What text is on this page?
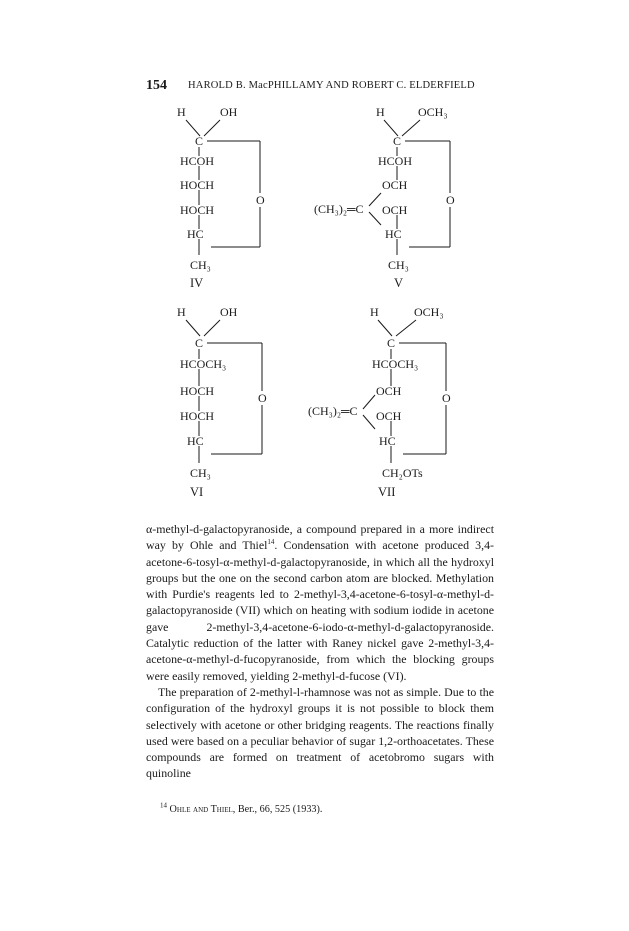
154 HAROLD B. MacPHILLAMY AND ROBERT C. ELDERFIELD
H	OH
C
HCOH
HOCH
HOCH
HC
O
CH₃
IV
H	OCH₃
C
HCOH
OCH
OCH
HC
O
(CH₃)₂═C
CH₃
V
H	OH
C
HCOCH₃
HOCH
HOCH
HC
O
CH₃
VI
H	OCH₃
C
HCOCH₃
OCH
OCH
HC
O
(CH₃)₂═C
CH₂OTs
VII

α-methyl-d-galactopyranoside, a compound prepared in a more indirect way by Ohle and Thiel$^{14}$. Condensation with acetone produced 3,4-acetone-6-tosyl-α-methyl-d-galactopyranoside, in which all the hydroxyl groups but the one on the second carbon atom are blocked. Methylation with Purdie's reagents led to 2-methyl-3,4-acetone-6-tosyl-α-methyl-d-galactopyranoside (VII) which on heating with sodium iodide in acetone gave 2-methyl-3,4-acetone-6-iodo-α-methyl-d-galactopyranoside. Catalytic reduction of the latter with Raney nickel gave 2-methyl-3,4-acetone-α-methyl-d-fucopyranoside, from which the blocking groups were easily removed, yielding 2-methyl-d-fucose (VI).

The preparation of 2-methyl-l-rhamnose was not as simple. Due to the configuration of the hydroxyl groups it is not possible to block them selectively with acetone or other bridging reagents. The reactions finally used were based on a peculiar behavior of sugar 1,2-orthoacetates. These compounds are formed on treatment of acetobromo sugars with quinoline

$^{14}$ Ohle and Thiel, Ber., 66, 525 (1933).
